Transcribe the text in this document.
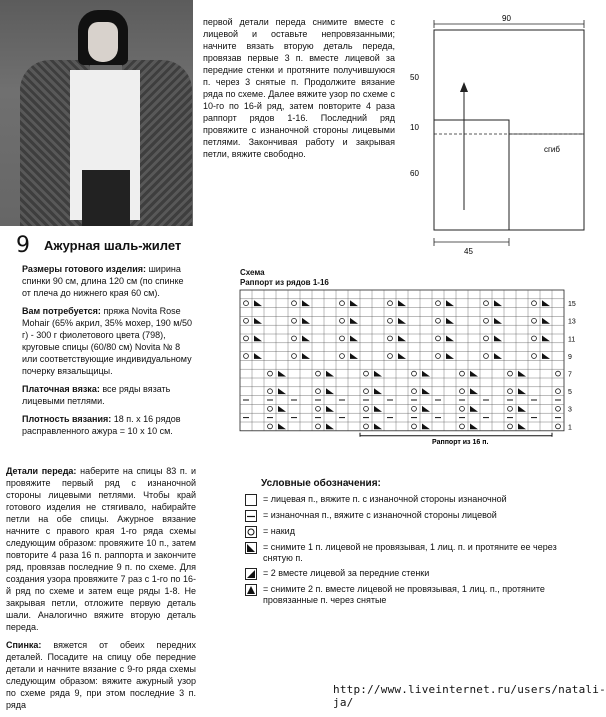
9 Ажурная шаль-жилет

Размеры готового изделия: ширина спинки 90 см, длина 120 см (по спинке от плеча до нижнего края 60 см).

Вам потребуется: пряжа Novita Rose Mohair (65% акрил, 35% мохер, 190 м/50 г) - 300 г фиолетового цвета (798), круговые спицы (60/80 см) Novita № 8 или соответствующие индивидуальному почерку вязальщицы.

Платочная вязка: все ряды вязать лицевыми петлями.

Плотность вязания: 18 п. x 16 рядов расправленного ажура = 10 x 10 см.

Детали переда: наберите на спицы 83 п. и провяжите первый ряд с изнаночной стороны лицевыми петлями. Чтобы край готового изделия не стягивало, набирайте петли на обе спицы. Ажурное вязание начните с правого края 1-го ряда схемы следующим образом: провяжите 10 п., затем повторите 4 раза 16 п. раппорта и закончите ряд, провязав последние 9 п. по схеме. Для создания узора провяжите 7 раз с 1-го по 16-й ряд по схеме и затем еще ряды 1-8. Не закрывая петли, отложите первую деталь шали. Аналогично вяжите вторую деталь переда.

Спинка: вяжется от обеих передних деталей. Посадите на спицу обе передние детали и начните вязание с 9-го ряда схемы следующим образом: вяжите ажурный узор по схеме ряда 9, при этом последние 3 п. ряда

первой детали переда снимите вместе с лицевой и оставьте непровязанными; начните вязать вторую деталь переда, провязав первые 3 п. вместе лицевой за передние стенки и протяните получившуюся п. через 3 снятые п. Продолжите вязание ряда по схеме. Далее вяжите узор по схеме с 10-го по 16-й ряд, затем повторите 4 раза раппорт рядов 1-16. Последний ряд провяжите с изнаночной стороны лицевыми петлями. Закончивая работу и закрывая петли, вяжите свободно.
90
50
10
60
сгиб
45
Схема
Раппорт из рядов 1-16
15
13
11
9
7
5
3
1
Раппорт из 16 п.
Условные обозначения:
= лицевая п., вяжите п. с изнаночной стороны изнаночной
= изнаночная п., вяжите с изнаночной стороны лицевой
= накид
= снимите 1 п. лицевой не провязывая, 1 лиц. п. и протяните ее через снятую п.
= 2 вместе лицевой за передние стенки
= снимите 2 п. вместе лицевой не провязывая, 1 лиц. п., протяните провязанные п. через снятые
http://www.liveinternet.ru/users/natali-ja/
